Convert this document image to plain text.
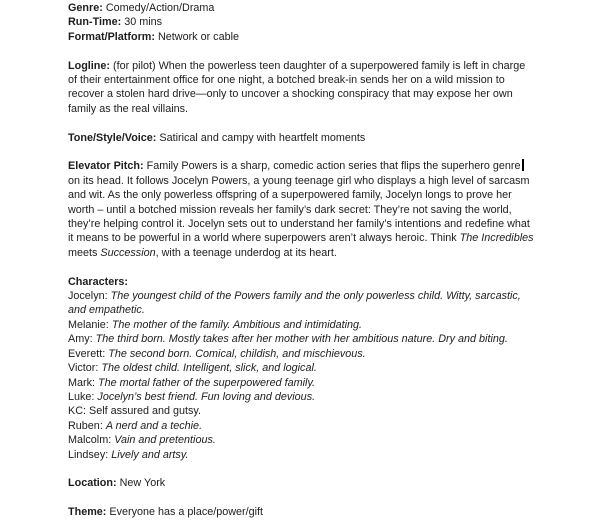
Genre: Comedy/Action/Drama

Run-Time: 30 mins

Format/Platform: Network or cable

Logline: (for pilot) When the powerless teen daughter of a superpowered family is left in charge of their entertainment office for one night, a botched break-in sends her on a wild mission to recover a stolen hard drive—only to uncover a shocking conspiracy that may expose her own family as the real villains.

Tone/Style/Voice: Satirical and campy with heartfelt moments

Elevator Pitch: Family Powers is a sharp, comedic action series that flips the superhero genre on its head. It follows Jocelyn Powers, a young teenage girl who displays a high level of sarcasm and wit. As the only powerless offspring of a superpowered family, Jocelyn longs to prove her worth – until a botched mission reveals her family’s dark secret: They’re not saving the world, they’re helping control it. Jocelyn sets out to understand her family’s intentions and redefine what it means to be powerful in a world where superpowers aren’t always heroic. Think The Incredibles meets Succession, with a teenage underdog at its heart.

Characters:

Jocelyn: The youngest child of the Powers family and the only powerless child. Witty, sarcastic, and empathetic.

Melanie: The mother of the family. Ambitious and intimidating.

Amy: The third born. Mostly takes after her mother with her ambitious nature. Dry and biting.

Everett: The second born. Comical, childish, and mischievous.

Victor: The oldest child. Intelligent, slick, and logical.

Mark: The mortal father of the superpowered family.

Luke: Jocelyn’s best friend. Fun loving and devious.

KC: Self assured and gutsy.

Ruben: A nerd and a techie.

Malcolm: Vain and pretentious.

Lindsey: Lively and artsy.

Location: New York

Theme: Everyone has a place/power/gift
